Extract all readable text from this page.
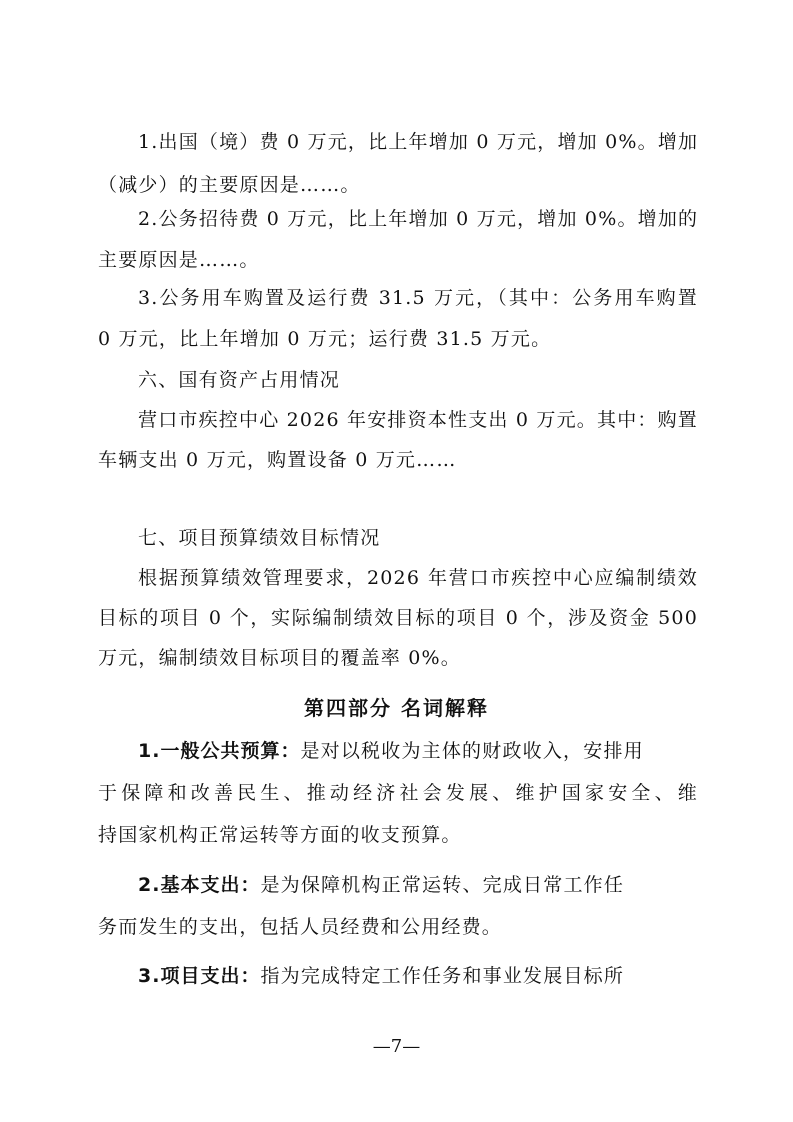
1.出国（境）费 0 万元，比上年增加 0 万元，增加 0%。增加
（减少）的主要原因是……。
2.公务招待费 0 万元，比上年增加 0 万元，增加 0%。增加的
主要原因是……。
3.公务用车购置及运行费 31.5 万元，（其中：公务用车购置
0 万元，比上年增加 0 万元；运行费 31.5 万元。
六、国有资产占用情况
营口市疾控中心 2026 年安排资本性支出 0 万元。其中：购置
车辆支出 0 万元，购置设备 0 万元……
七、项目预算绩效目标情况
根据预算绩效管理要求，2026 年营口市疾控中心应编制绩效
目标的项目 0 个，实际编制绩效目标的项目 0 个，涉及资金 500
万元，编制绩效目标项目的覆盖率 0%。
第四部分 名词解释
1.一般公共预算：是对以税收为主体的财政收入，安排用
于保障和改善民生、推动经济社会发展、维护国家安全、维
持国家机构正常运转等方面的收支预算。
2.基本支出：是为保障机构正常运转、完成日常工作任
务而发生的支出，包括人员经费和公用经费。
3.项目支出：指为完成特定工作任务和事业发展目标所
—7—
